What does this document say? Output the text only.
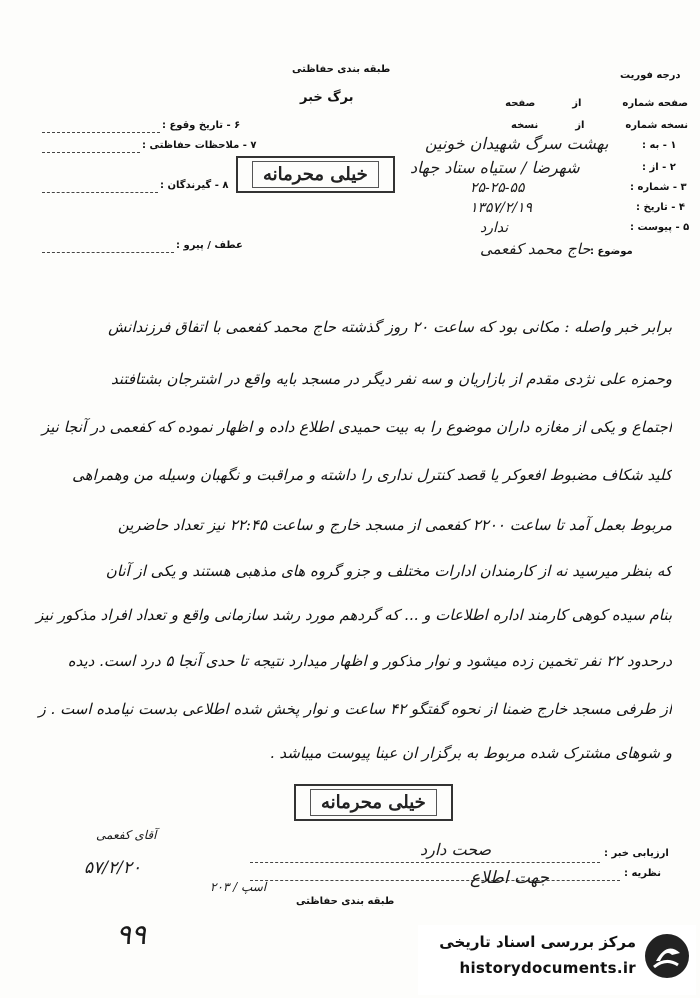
طبقه بندی حفاظتی
برگ خبر
درجه فوریت
صفحه شماره  از  صفحه
نسخه شماره  از  نسخه
۱ - به :
۲ - از :
۳ - شماره :
۴ - تاریخ :
۵ - پیوست :
موضوع :
بهشت سرگ شهیدان خونین
شهرضا / ستیاه ستاد جهاد
۲۵-۲۵-۵۵
۱۳۵۷/۲/۱۹
ندارد
حاج محمد کفعمی
۶ - تاریخ وقوع :
۷ - ملاحظات حفاظتی :
۸ - گیرندگان :
عطف / پیرو :
خیلی محرمانه
برابر خبر واصله : مکانی بود که ساعت ۲۰ روز گذشته حاج محمد کفعمی با اتفاق فرزندانش
وحمزه علی نژدی مقدم از بازاریان و سه نفر دیگر در مسجد بایه واقع در اشترجان بشتافتند
اجتماع و یکی از مغازه داران موضوع را به بیت حمیدی اطلاع داده و اظهار نموده که کفعمی در آنجا نیز
کلید شکاف مضبوط افعوکر یا قصد کنترل نداری را داشته و مراقبت و نگهبان وسیله من وهمراهی
مربوط بعمل آمد تا ساعت ۲۲۰۰ کفعمی از مسجد خارج و ساعت ۲۲:۴۵ نیز تعداد حاضرین
که بنظر میرسید نه از کارمندان ادارات مختلف و جزو گروه های مذهبی هستند و یکی از آنان
بنام سیده کوهی کارمند اداره اطلاعات و ... که گردهم مورد رشد سازمانی واقع و تعداد افراد مذکور نیز
درحدود ۲۲ نفر تخمین زده میشود و نوار مذکور و اظهار میدارد نتیجه تا حدی آنجا ۵ درد است. دیده
از طرفی مسجد خارج ضمنا از نحوه گفتگو ۴۲ ساعت و نوار پخش شده اطلاعی بدست نیامده است . ز
و شوهای مشترک شده مربوط به برگزار ان عینا پیوست میباشد .
خیلی محرمانه
ارزیابی خبر :
صحت دارد
نظریه :
جهت اطلاع
آقای کفعمی
۵۷/۲/۲۰
اسپ / ۲۰۳
طبقه بندی حفاظتی
۹۹	مرکز بررسی اسناد تاریخی
historydocuments.ir
